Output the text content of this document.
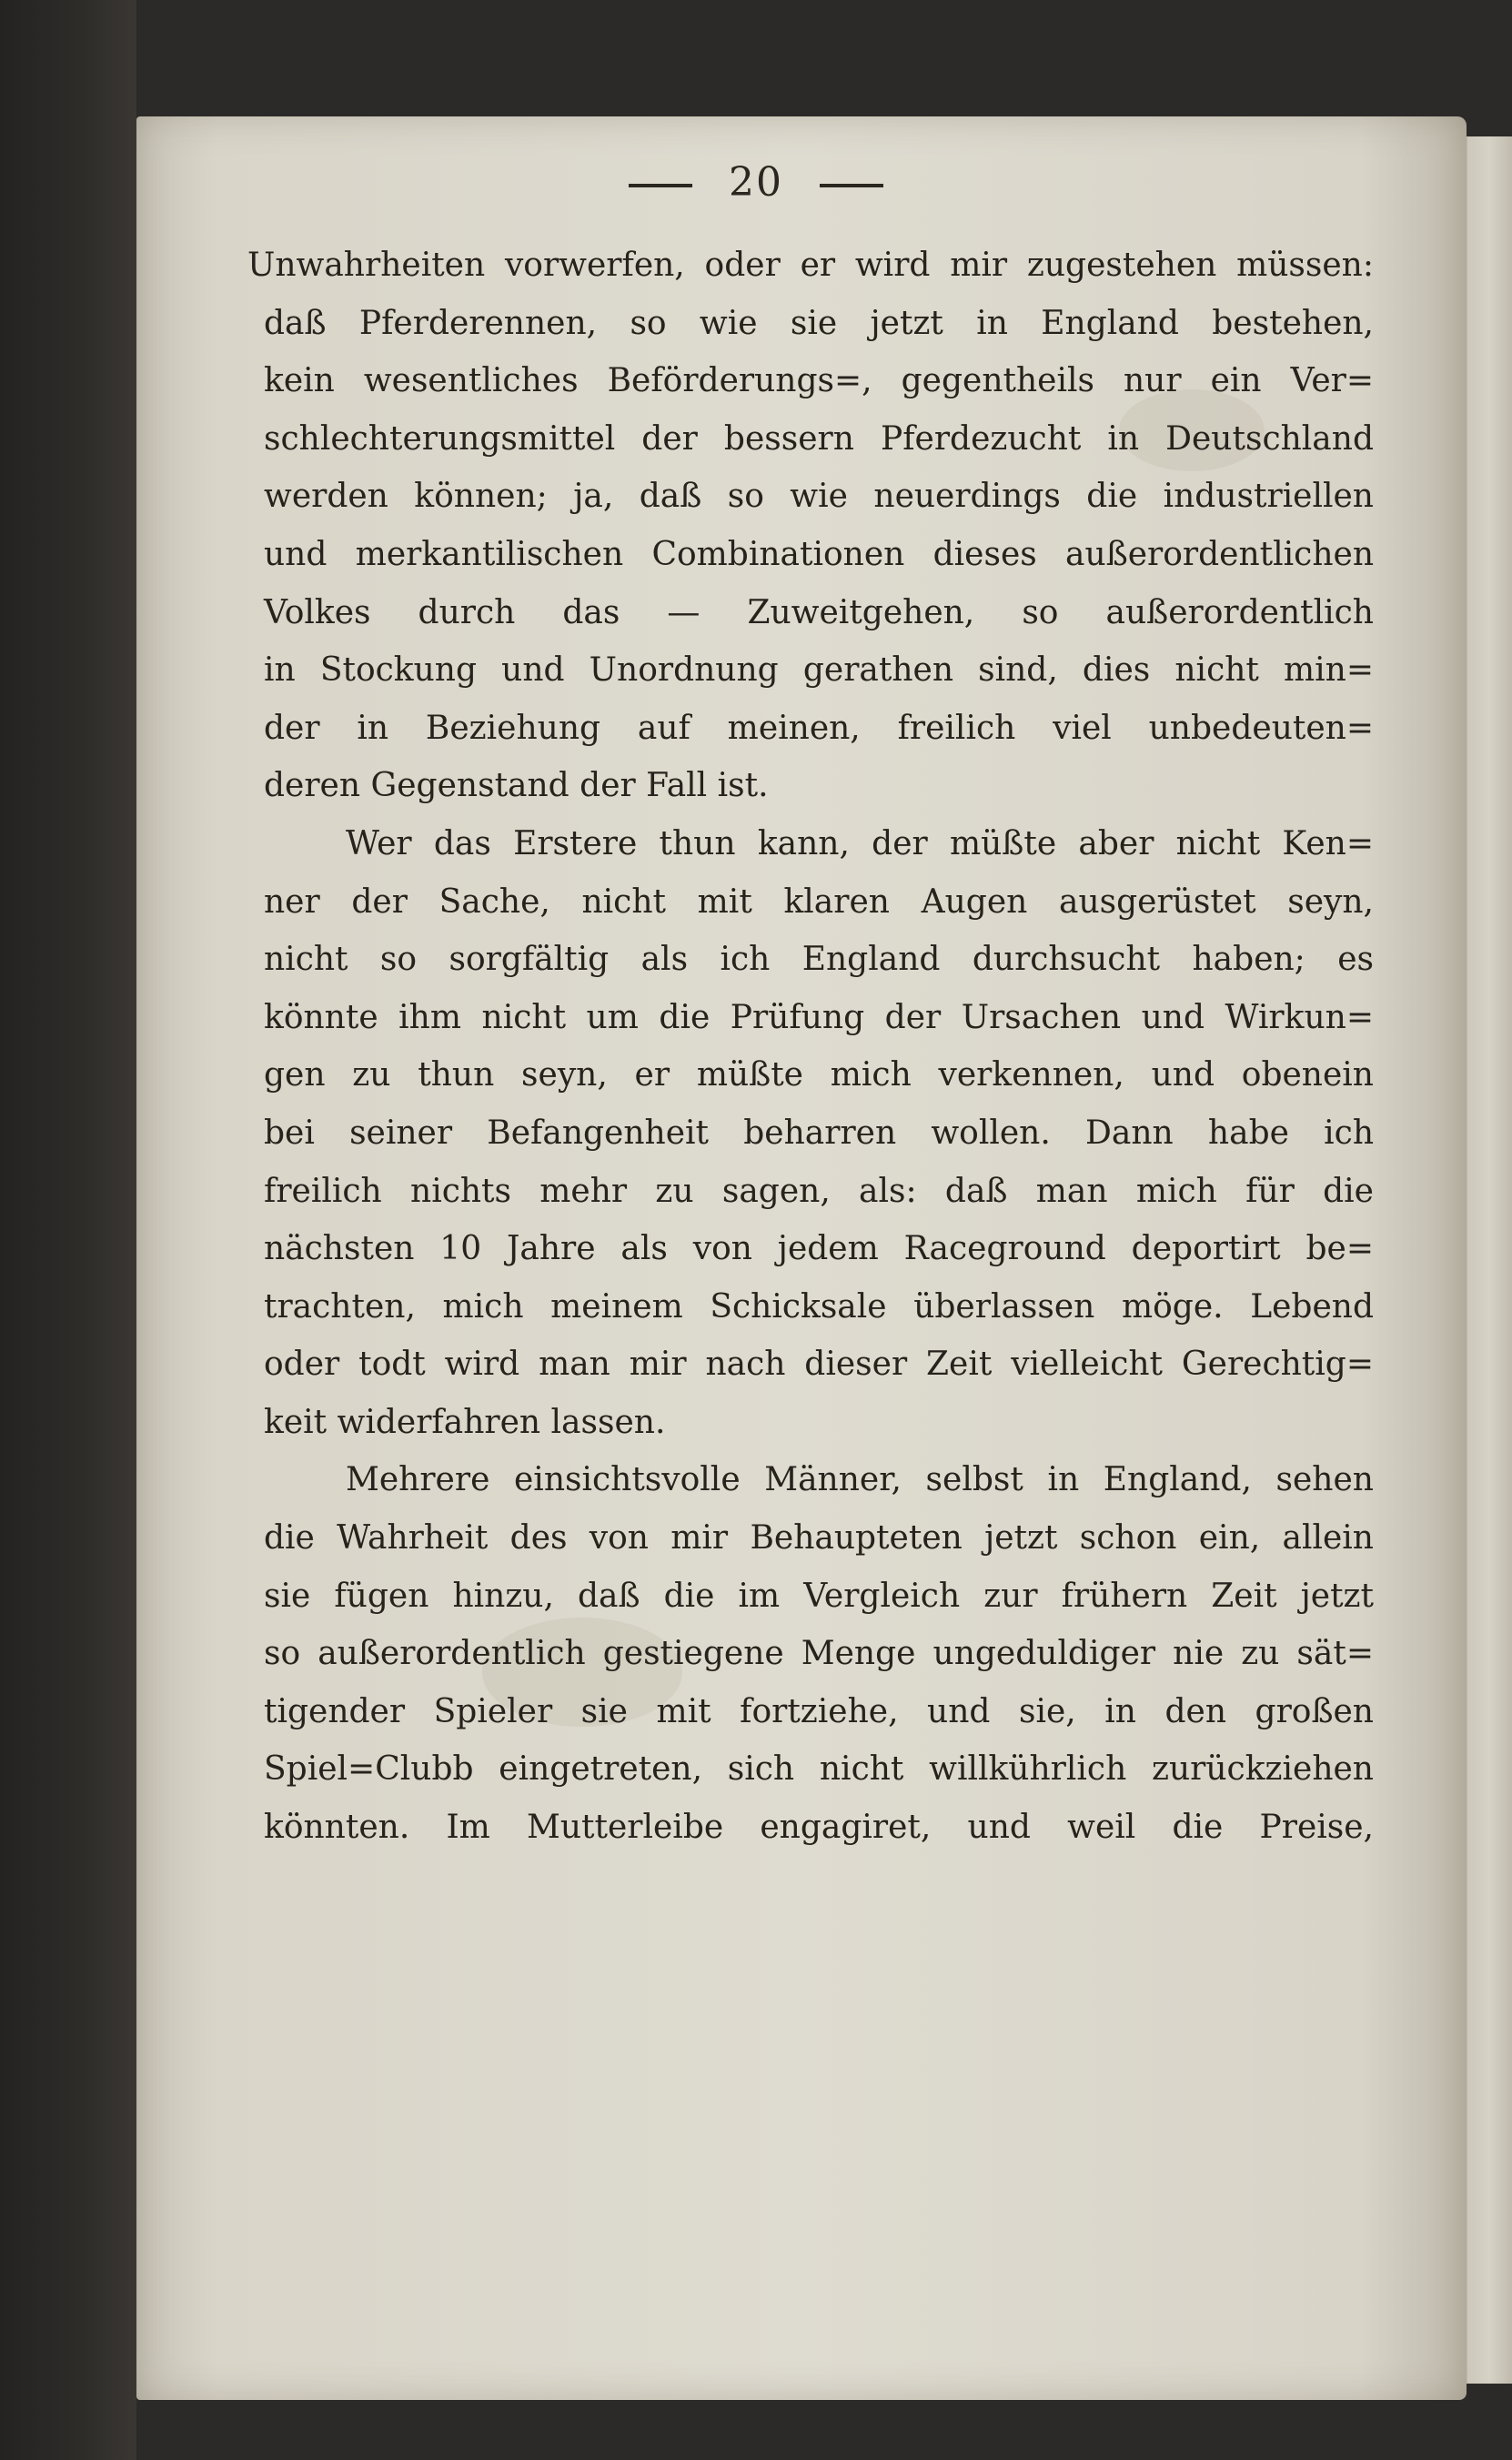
20
Unwahrheiten vorwerfen, oder er wird mir zugestehen müssen:
daß Pferderennen, so wie sie jetzt in England bestehen,
kein wesentliches Beförderungs=, gegentheils nur ein Ver=
schlechterungsmittel der bessern Pferdezucht in Deutschland
werden können; ja, daß so wie neuerdings die industriellen
und merkantilischen Combinationen dieses außerordentlichen
Volkes durch das — Zuweitgehen, so außerordentlich
in Stockung und Unordnung gerathen sind, dies nicht min=
der in Beziehung auf meinen, freilich viel unbedeuten=
deren Gegenstand der Fall ist.
Wer das Erstere thun kann, der müßte aber nicht Ken=
ner der Sache, nicht mit klaren Augen ausgerüstet seyn,
nicht so sorgfältig als ich England durchsucht haben; es
könnte ihm nicht um die Prüfung der Ursachen und Wirkun=
gen zu thun seyn, er müßte mich verkennen, und obenein
bei seiner Befangenheit beharren wollen. Dann habe ich
freilich nichts mehr zu sagen, als: daß man mich für die
nächsten 10 Jahre als von jedem Raceground deportirt be=
trachten, mich meinem Schicksale überlassen möge. Lebend
oder todt wird man mir nach dieser Zeit vielleicht Gerechtig=
keit widerfahren lassen.
Mehrere einsichtsvolle Männer, selbst in England, sehen
die Wahrheit des von mir Behaupteten jetzt schon ein, allein
sie fügen hinzu, daß die im Vergleich zur frühern Zeit jetzt
so außerordentlich gestiegene Menge ungeduldiger nie zu sät=
tigender Spieler sie mit fortziehe, und sie, in den großen
Spiel=Clubb eingetreten, sich nicht willkührlich zurückziehen
könnten. Im Mutterleibe engagiret, und weil die Preise,
